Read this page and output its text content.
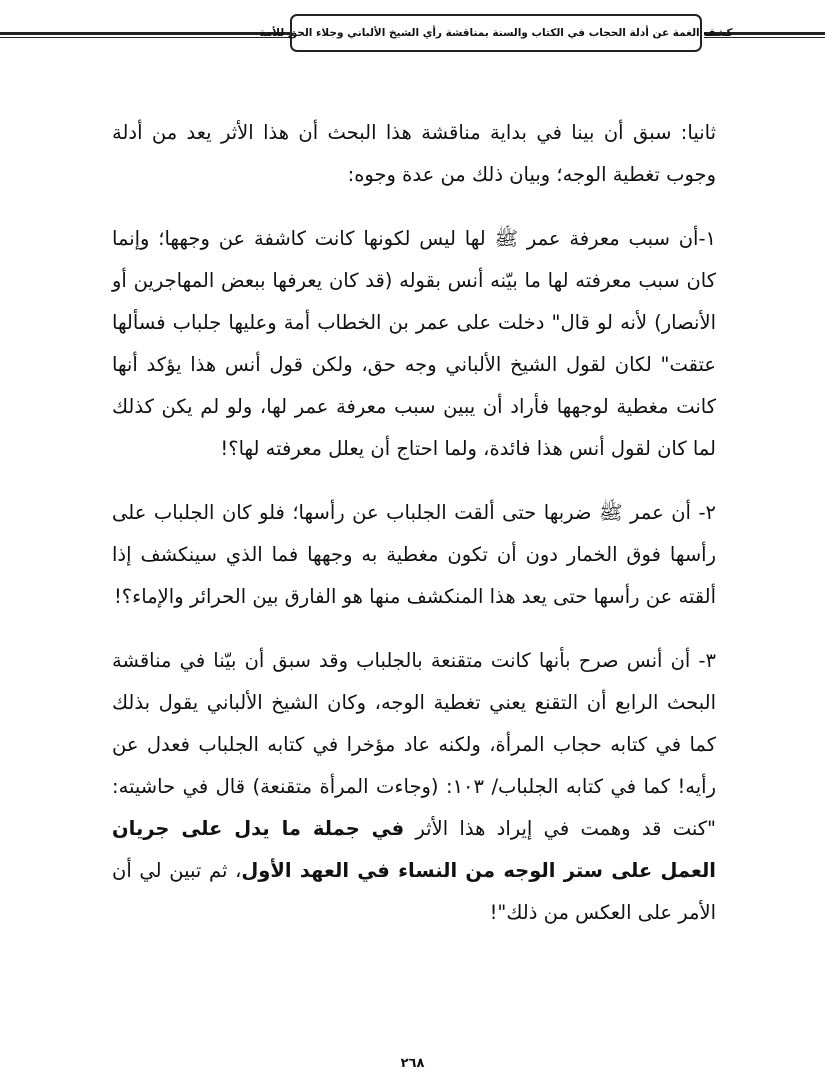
كشف الغمة عن أدلة الحجاب في الكتاب والسنة بمناقشة رأي الشيخ الألباني وجلاء الحق للأمة

ثانيا: سبق أن بينا في بداية مناقشة هذا البحث أن هذا الأثر يعد من أدلة وجوب تغطية الوجه؛ وبيان ذلك من عدة وجوه:

١-أن سبب معرفة عمر ﷺ لها ليس لكونها كانت كاشفة عن وجهها؛ وإنما كان سبب معرفته لها ما بيّنه أنس بقوله (قد كان يعرفها ببعض المهاجرين أو الأنصار) لأنه لو قال" دخلت على عمر بن الخطاب أمة وعليها جلباب فسألها عتقت" لكان لقول الشيخ الألباني وجه حق، ولكن قول أنس هذا يؤكد أنها كانت مغطية لوجهها فأراد أن يبين سبب معرفة عمر لها، ولو لم يكن كذلك لما كان لقول أنس هذا فائدة، ولما احتاج أن يعلل معرفته لها؟!

٢- أن عمر ﷺ ضربها حتى ألقت الجلباب عن رأسها؛ فلو كان الجلباب على رأسها فوق الخمار دون أن تكون مغطية به وجهها فما الذي سينكشف إذا ألقته عن رأسها حتى يعد هذا المنكشف منها هو الفارق بين الحرائر والإماء؟!

٣- أن أنس صرح بأنها كانت متقنعة بالجلباب وقد سبق أن بيّنا في مناقشة البحث الرابع أن التقنع يعني تغطية الوجه، وكان الشيخ الألباني يقول بذلك كما في كتابه حجاب المرأة، ولكنه عاد مؤخرا في كتابه الجلباب فعدل عن رأيه! كما في كتابه الجلباب/ ١٠٣: (وجاءت المرأة متقنعة) قال في حاشيته: "كنت قد وهمت في إيراد هذا الأثر في جملة ما يدل على جريان العمل على ستر الوجه من النساء في العهد الأول، ثم تبين لي أن الأمر على العكس من ذلك"!

٢٦٨
